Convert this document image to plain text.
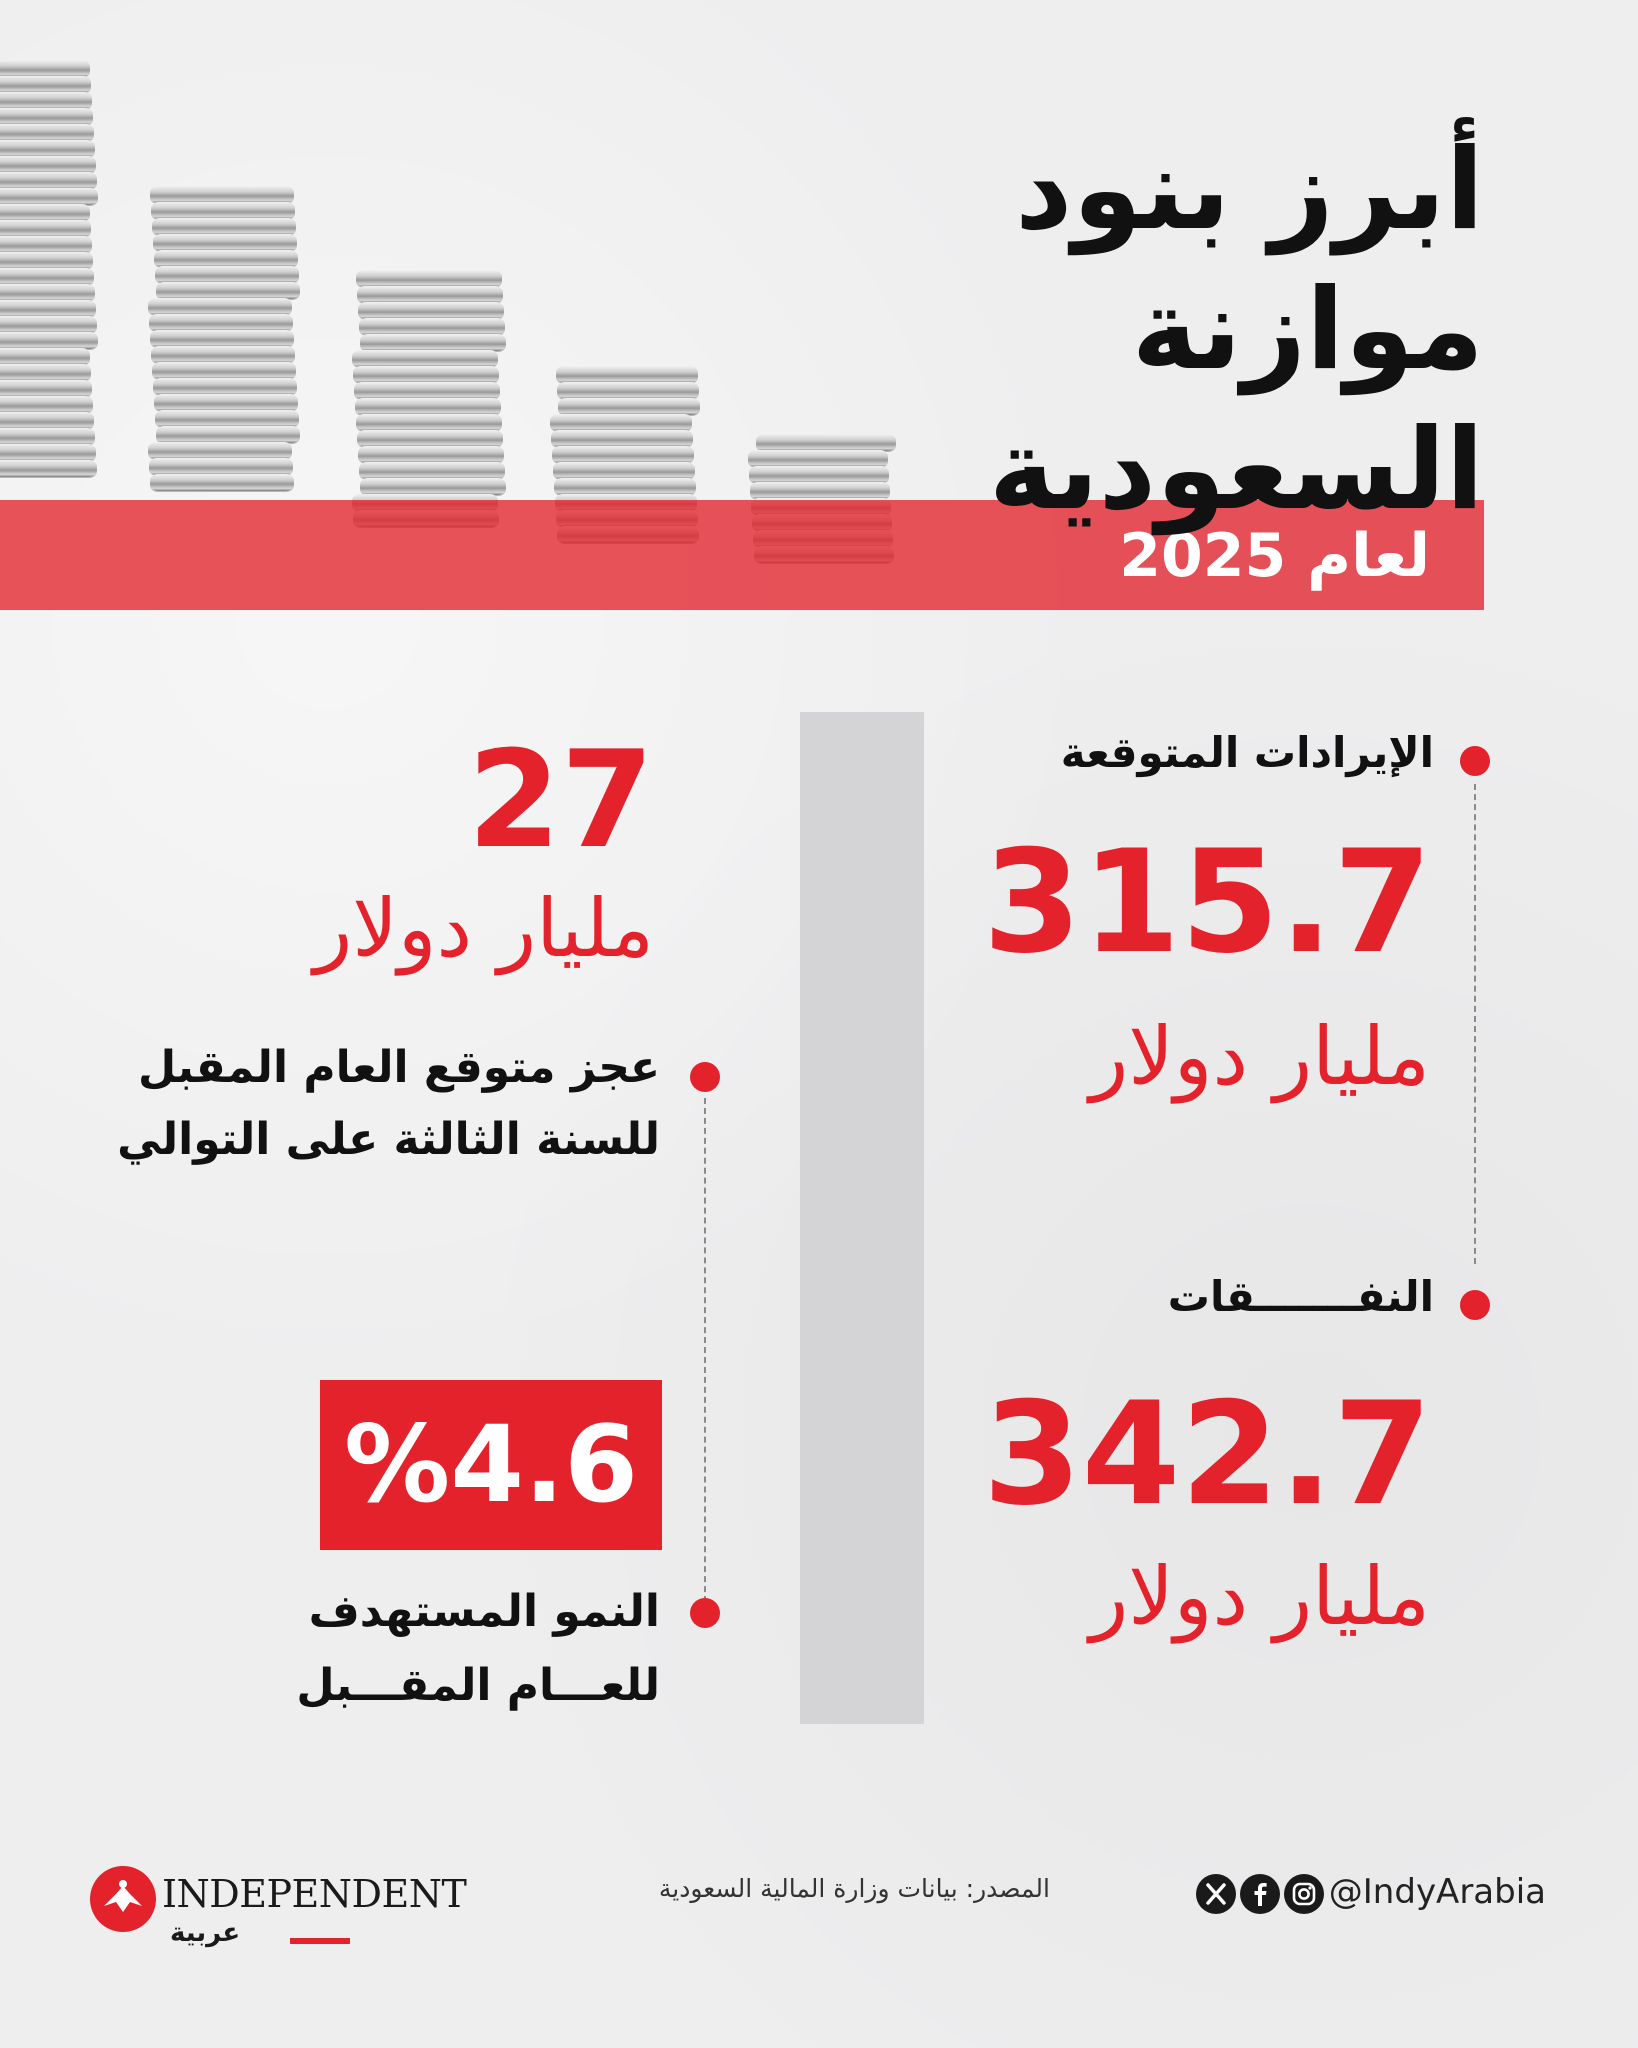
لعام 2025
أبرز بنود موازنة
السعودية
الإيرادات المتوقعة
315.7
مليار دولار
النفـــــــقات
342.7
مليار دولار
27
مليار دولار
عجز متوقع العام المقبل
للسنة الثالثة على التوالي
%4.6
النمو المستهدف
للعـــام المقـــبل
INDEPENDENT
عربية
المصدر: بيانات وزارة المالية السعودية	@IndyArabia
